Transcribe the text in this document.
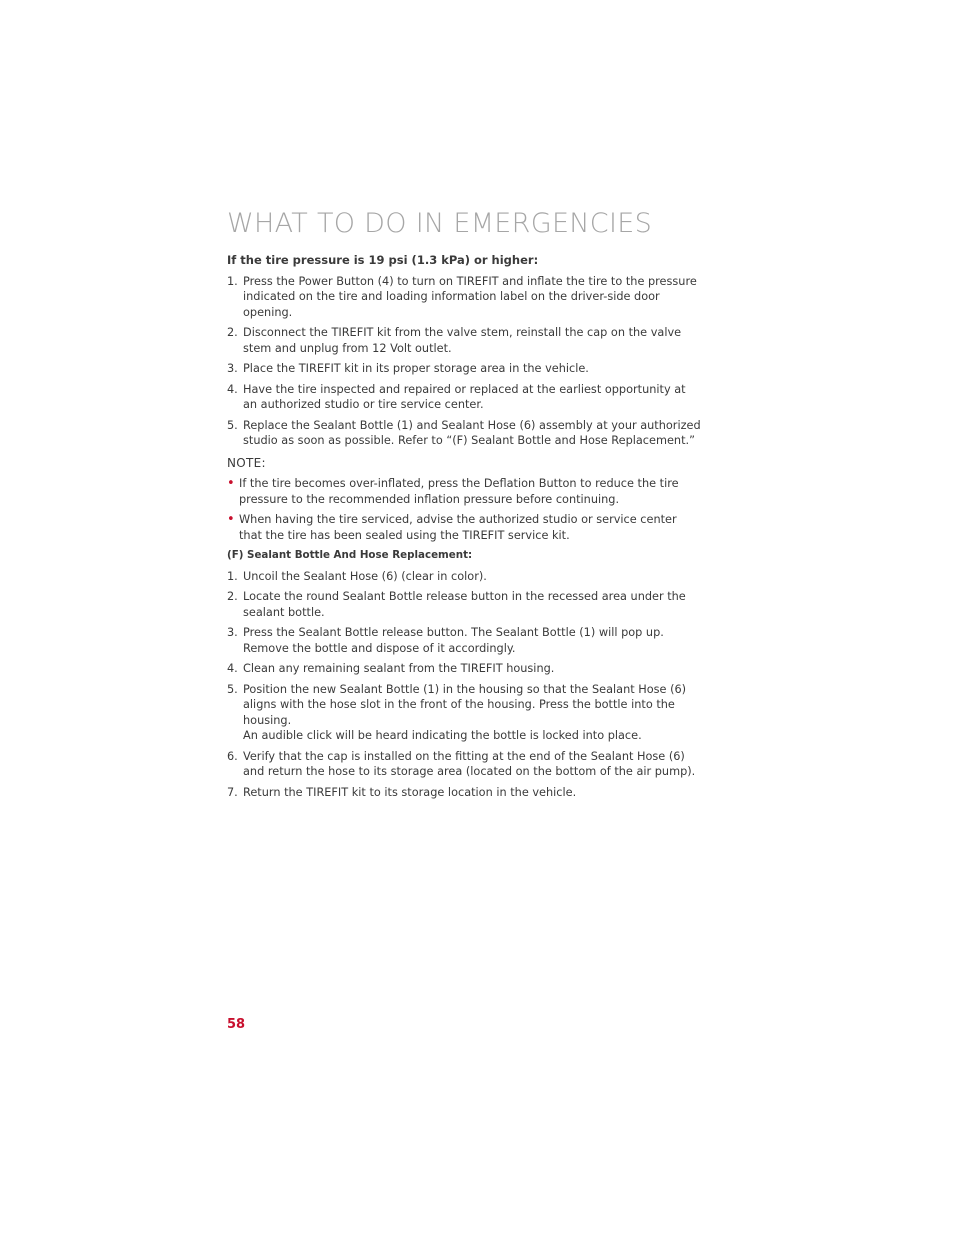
WHAT TO DO IN EMERGENCIES

If the tire pressure is 19 psi (1.3 kPa) or higher:

1. Press the Power Button (4) to turn on TIREFIT and inflate the tire to the pressure indicated on the tire and loading information label on the driver-side door opening.

2. Disconnect the TIREFIT kit from the valve stem, reinstall the cap on the valve stem and unplug from 12 Volt outlet.

3. Place the TIREFIT kit in its proper storage area in the vehicle.

4. Have the tire inspected and repaired or replaced at the earliest opportunity at an authorized studio or tire service center.

5. Replace the Sealant Bottle (1) and Sealant Hose (6) assembly at your authorized studio as soon as possible. Refer to “(F) Sealant Bottle and Hose Replacement.”

NOTE:

• If the tire becomes over-inflated, press the Deflation Button to reduce the tire pressure to the recommended inflation pressure before continuing.

• When having the tire serviced, advise the authorized studio or service center that the tire has been sealed using the TIREFIT service kit.

(F) Sealant Bottle And Hose Replacement:

1. Uncoil the Sealant Hose (6) (clear in color).

2. Locate the round Sealant Bottle release button in the recessed area under the sealant bottle.

3. Press the Sealant Bottle release button. The Sealant Bottle (1) will pop up. Remove the bottle and dispose of it accordingly.

4. Clean any remaining sealant from the TIREFIT housing.

5. Position the new Sealant Bottle (1) in the housing so that the Sealant Hose (6) aligns with the hose slot in the front of the housing. Press the bottle into the housing.
An audible click will be heard indicating the bottle is locked into place.

6. Verify that the cap is installed on the fitting at the end of the Sealant Hose (6) and return the hose to its storage area (located on the bottom of the air pump).

7. Return the TIREFIT kit to its storage location in the vehicle.

58
